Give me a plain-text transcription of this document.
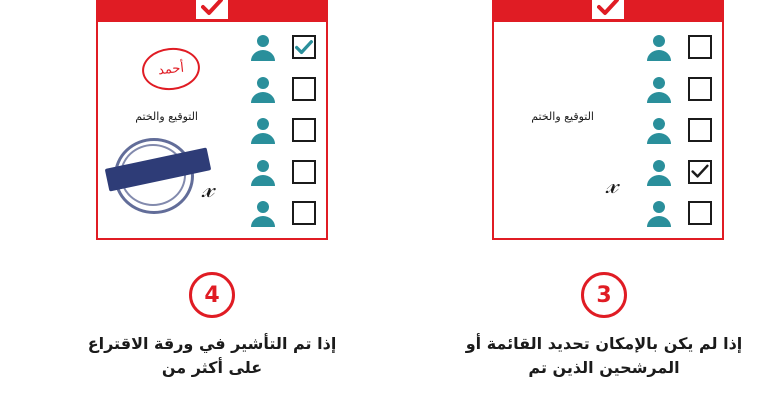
أحمد
التوقيع والختم
𝓍
التوقيع والختم
𝓍
4
إذا تم التأشير في ورقة الاقتراع على أكثر من
3
إذا لم يكن بالإمكان تحديد القائمة أو المرشحين الذين تم
